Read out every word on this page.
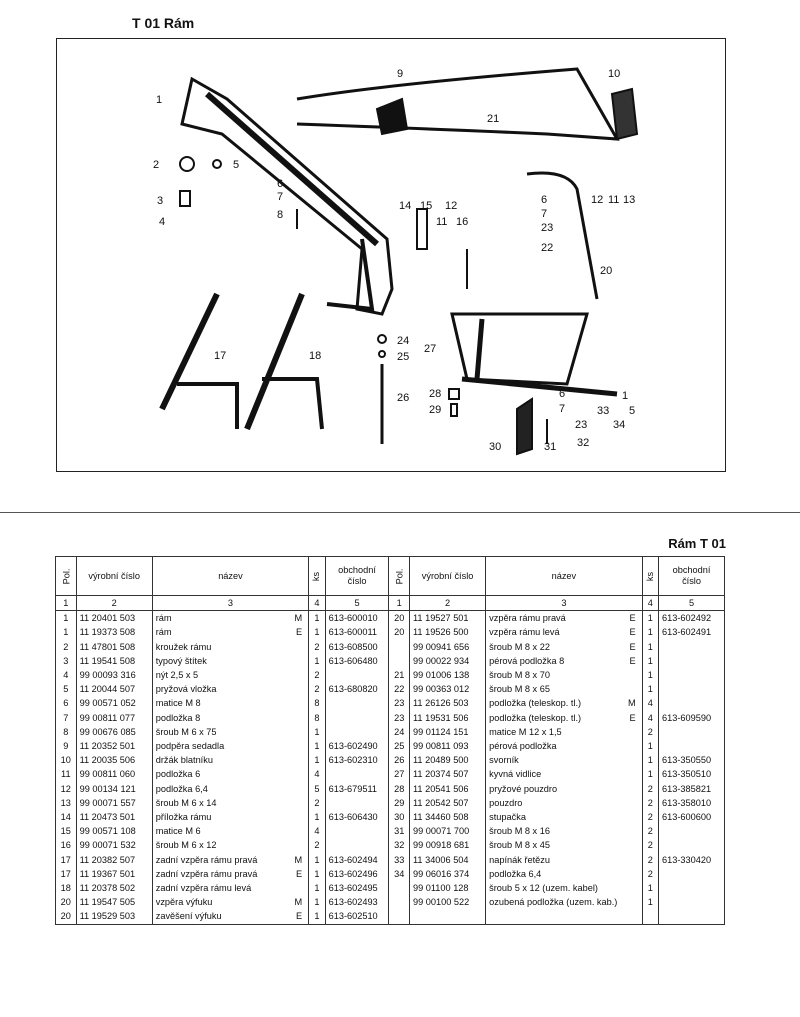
T 01 Rám
1
2	5
3
4
6
7
8
9
21
10
14 15 12
11 16
6
7
23
22
12 11 13
20
17	18
24
25
26
27
28
29
30	31 32
6
7
23
33
1
5
34
Rám T 01
Pol.	výrobní číslo	název	ks	obchodní číslo	Pol.	výrobní číslo	název	ks	obchodní číslo
1	2	3	4	5	1	2	3	4	5
1	11 20401 503	rám M	1	613-600010	20	11 19527 501	vzpěra rámu pravá E	1	613-602492
1	11 19373 508	rám E	1	613-600011	20	11 19526 500	vzpěra rámu levá E	1	613-602491
2	11 47801 508	kroužek rámu	2	613-608500		99 00941 656	šroub M 8 x 22 E	1	
3	11 19541 508	typový štítek	1	613-606480		99 00022 934	pérová podložka 8 E	1	
4	99 00093 316	nýt 2,5 x 5	2		21	99 01006 138	šroub M 8 x 70	1	
5	11 20044 507	pryžová vložka	2	613-680820	22	99 00363 012	šroub M 8 x 65	1	
6	99 00571 052	matice M 8	8		23	11 26126 503	podložka (teleskop. tl.) M	4	
7	99 00811 077	podložka 8	8		23	11 19531 506	podložka (teleskop. tl.) E	4	613-609590
8	99 00676 085	šroub M 6 x 75	1		24	99 01124 151	matice M 12 x 1,5	2	
9	11 20352 501	podpěra sedadla	1	613-602490	25	99 00811 093	pérová podložka	1	
10	11 20035 506	držák blatníku	1	613-602310	26	11 20489 500	svorník	1	613-350550
11	99 00811 060	podložka 6	4		27	11 20374 507	kyvná vidlice	1	613-350510
12	99 00134 121	podložka 6,4	5	613-679511	28	11 20541 506	pryžové pouzdro	2	613-385821
13	99 00071 557	šroub M 6 x 14	2		29	11 20542 507	pouzdro	2	613-358010
14	11 20473 501	příložka rámu	1	613-606430	30	11 34460 508	stupačka	2	613-600600
15	99 00571 108	matice M 6	4		31	99 00071 700	šroub M 8 x 16	2	
16	99 00071 532	šroub M 6 x 12	2		32	99 00918 681	šroub M 8 x 45	2	
17	11 20382 507	zadní vzpěra rámu pravá M	1	613-602494	33	11 34006 504	napínák řetězu	2	613-330420
17	11 19367 501	zadní vzpěra rámu pravá E	1	613-602496	34	99 06016 374	podložka 6,4	2	
18	11 20378 502	zadní vzpěra rámu levá	1	613-602495		99 01100 128	šroub 5 x 12 (uzem. kabel)	1	
20	11 19547 505	vzpěra výfuku M	1	613-602493		99 00100 522	ozubená podložka (uzem. kab.)	1	
20	11 19529 503	zavěšení výfuku E	1	613-602510			
